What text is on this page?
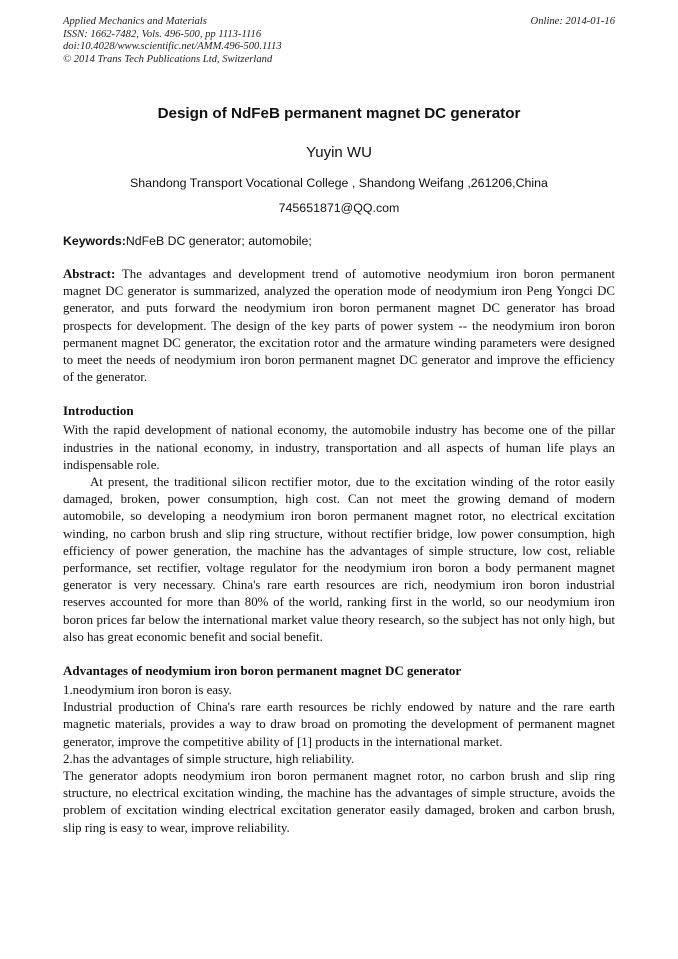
Applied Mechanics and Materials
ISSN: 1662-7482, Vols. 496-500, pp 1113-1116
doi:10.4028/www.scientific.net/AMM.496-500.1113
© 2014 Trans Tech Publications Ltd, Switzerland
Online: 2014-01-16
Design of NdFeB permanent magnet DC generator
Yuyin WU
Shandong Transport Vocational College , Shandong Weifang ,261206,China
745651871@QQ.com
Keywords:NdFeB DC generator; automobile;

Abstract: The advantages and development trend of automotive neodymium iron boron permanent magnet DC generator is summarized, analyzed the operation mode of neodymium iron Peng Yongci DC generator, and puts forward the neodymium iron boron permanent magnet DC generator has broad prospects for development. The design of the key parts of power system -- the neodymium iron boron permanent magnet DC generator, the excitation rotor and the armature winding parameters were designed to meet the needs of neodymium iron boron permanent magnet DC generator and improve the efficiency of the generator.

Introduction

With the rapid development of national economy, the automobile industry has become one of the pillar industries in the national economy, in industry, transportation and all aspects of human life plays an indispensable role.

At present, the traditional silicon rectifier motor, due to the excitation winding of the rotor easily damaged, broken, power consumption, high cost. Can not meet the growing demand of modern automobile, so developing a neodymium iron boron permanent magnet rotor, no electrical excitation winding, no carbon brush and slip ring structure, without rectifier bridge, low power consumption, high efficiency of power generation, the machine has the advantages of simple structure, low cost, reliable performance, set rectifier, voltage regulator for the neodymium iron boron a body permanent magnet generator is very necessary. China's rare earth resources are rich, neodymium iron boron industrial reserves accounted for more than 80% of the world, ranking first in the world, so our neodymium iron boron prices far below the international market value theory research, so the subject has not only high, but also has great economic benefit and social benefit.

Advantages of neodymium iron boron permanent magnet DC generator

1.neodymium iron boron is easy.

Industrial production of China's rare earth resources be richly endowed by nature and the rare earth magnetic materials, provides a way to draw broad on promoting the development of permanent magnet generator, improve the competitive ability of [1] products in the international market.

2.has the advantages of simple structure, high reliability.

The generator adopts neodymium iron boron permanent magnet rotor, no carbon brush and slip ring structure, no electrical excitation winding, the machine has the advantages of simple structure, avoids the problem of excitation winding electrical excitation generator easily damaged, broken and carbon brush, slip ring is easy to wear, improve reliability.
